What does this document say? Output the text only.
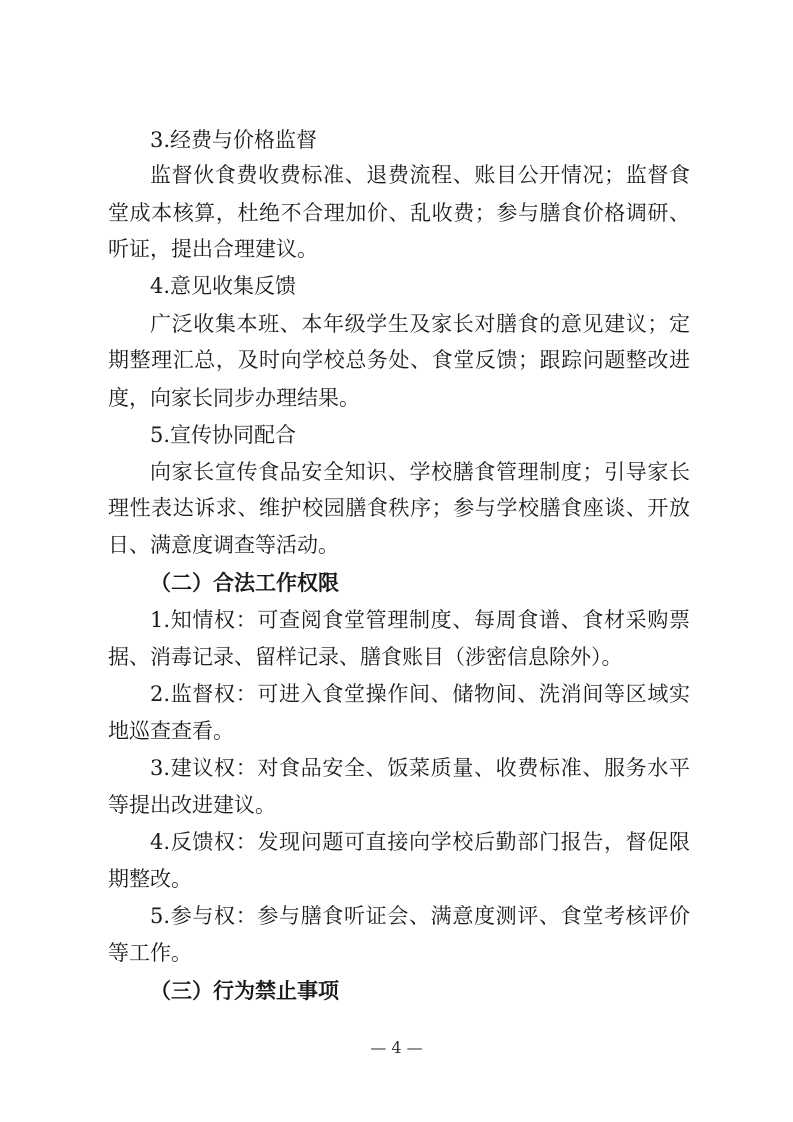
3.经费与价格监督
监督伙食费收费标准、退费流程、账目公开情况；监督食
堂成本核算，杜绝不合理加价、乱收费；参与膳食价格调研、
听证，提出合理建议。
4.意见收集反馈
广泛收集本班、本年级学生及家长对膳食的意见建议；定
期整理汇总，及时向学校总务处、食堂反馈；跟踪问题整改进
度，向家长同步办理结果。
5.宣传协同配合
向家长宣传食品安全知识、学校膳食管理制度；引导家长
理性表达诉求、维护校园膳食秩序；参与学校膳食座谈、开放
日、满意度调查等活动。
（二）合法工作权限
1.知情权：可查阅食堂管理制度、每周食谱、食材采购票
据、消毒记录、留样记录、膳食账目（涉密信息除外）。
2.监督权：可进入食堂操作间、储物间、洗消间等区域实
地巡查查看。
3.建议权：对食品安全、饭菜质量、收费标准、服务水平
等提出改进建议。
4.反馈权：发现问题可直接向学校后勤部门报告，督促限
期整改。
5.参与权：参与膳食听证会、满意度测评、食堂考核评价
等工作。
（三）行为禁止事项
— 4 —
